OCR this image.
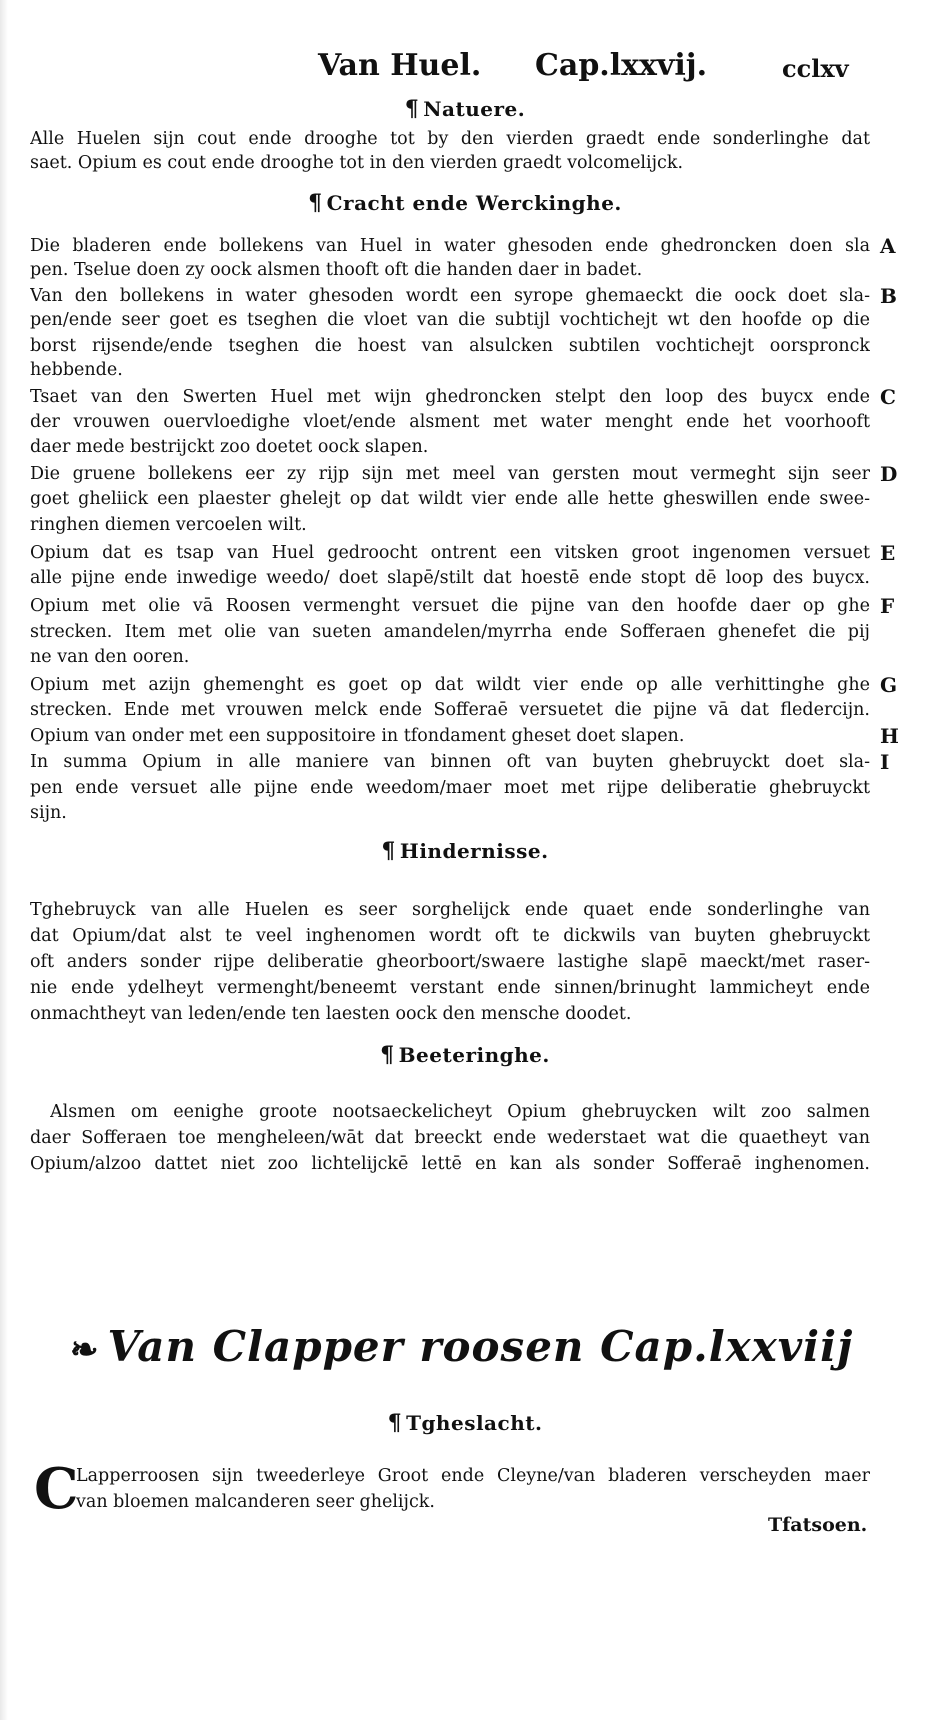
Van Huel. Cap.lxxvij.	cclxv
¶ Natuere.
Alle Huelen sijn cout ende drooghe tot by den vierden graedt ende sonderlinghe dat
saet. Opium es cout ende drooghe tot in den vierden graedt volcomelijck.
¶ Cracht ende Werckinghe.
Die bladeren ende bollekens van Huel in water ghesoden ende ghedroncken doen sla
pen. Tselue doen zy oock alsmen thooft oft die handen daer in badet.
Van den bollekens in water ghesoden wordt een syrope ghemaeckt die oock doet sla-
pen/ende seer goet es tseghen die vloet van die subtijl vochtichejt wt den hoofde op die
borst rijsende/ende tseghen die hoest van alsulcken subtilen vochtichejt oorspronck
hebbende.
Tsaet van den Swerten Huel met wijn ghedroncken stelpt den loop des buycx ende
der vrouwen ouervloedighe vloet/ende alsment met water menght ende het voorhooft
daer mede bestrijckt zoo doetet oock slapen.
Die gruene bollekens eer zy rijp sijn met meel van gersten mout vermeght sijn seer
goet gheliick een plaester ghelejt op dat wildt vier ende alle hette gheswillen ende swee-
ringhen diemen vercoelen wilt.
Opium dat es tsap van Huel gedroocht ontrent een vitsken groot ingenomen versuet
alle pijne ende inwedige weedo/ doet slapē/stilt dat hoestē ende stopt dē loop des buycx.
Opium met olie vā Roosen vermenght versuet die pijne van den hoofde daer op ghe
strecken. Item met olie van sueten amandelen/myrrha ende Sofferaen ghenefet die pij
ne van den ooren.
Opium met azijn ghemenght es goet op dat wildt vier ende op alle verhittinghe ghe
strecken. Ende met vrouwen melck ende Sofferaē versuetet die pijne vā dat fledercijn.
Opium van onder met een suppositoire in tfondament gheset doet slapen.
In summa Opium in alle maniere van binnen oft van buyten ghebruyckt doet sla-
pen ende versuet alle pijne ende weedom/maer moet met rijpe deliberatie ghebruyckt
sijn.
A
B
C
D
E
F
G
H
I
¶ Hindernisse.
Tghebruyck van alle Huelen es seer sorghelijck ende quaet ende sonderlinghe van
dat Opium/dat alst te veel inghenomen wordt oft te dickwils van buyten ghebruyckt
oft anders sonder rijpe deliberatie gheorboort/swaere lastighe slapē maeckt/met raser-
nie ende ydelheyt vermenght/beneemt verstant ende sinnen/brinught lammicheyt ende
onmachtheyt van leden/ende ten laesten oock den mensche doodet.
¶ Beeteringhe.
Alsmen om eenighe groote nootsaeckelicheyt Opium ghebruycken wilt zoo salmen
daer Sofferaen toe mengheleen/wāt dat breeckt ende wederstaet wat die quaetheyt van
Opium/alzoo dattet niet zoo lichtelijckē lettē en kan als sonder Sofferaē inghenomen.
❧ Van Clapper roosen Cap.lxxviij
¶ Tgheslacht.
C
Lapperroosen sijn tweederleye Groot ende Cleyne/van bladeren verscheyden maer
van bloemen malcanderen seer ghelijck.
Tfatsoen.
